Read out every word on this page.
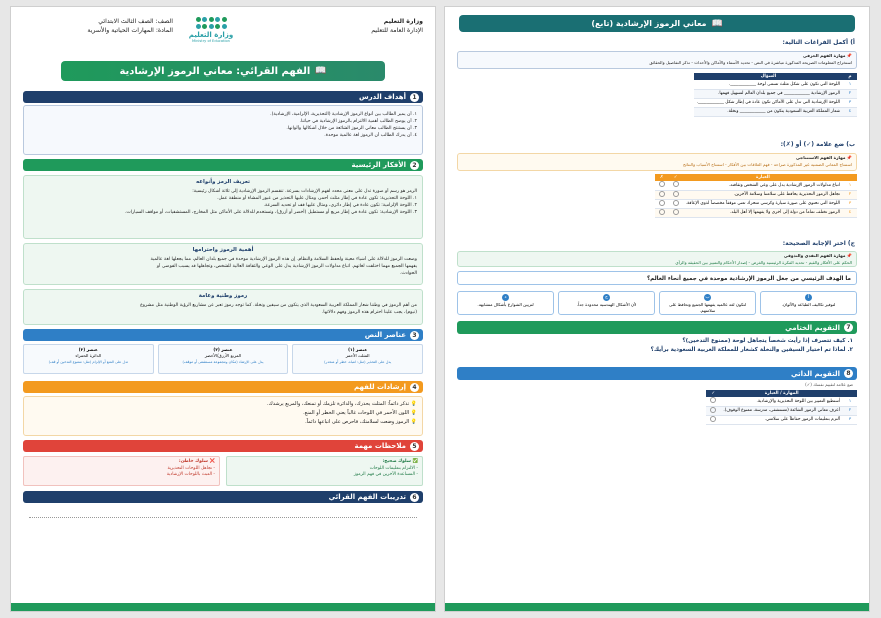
وزارة التعليم
الإدارة العامة للتعليم
وزارة التعليم
Ministry of Education
الصف: الصف الثالث الابتدائي
المادة: المهارات الحياتية والأسرية
📖
الفهم القرائي: معاني الرموز الإرشادية
1
أهداف الدرس
١. أن يميز الطالب بين أنواع الرموز الإرشادية (التحذيرية، الإلزامية، الإرشادية).
٢. أن يوضح الطالب أهمية الالتزام بالرموز الإرشادية في حياتنا.
٣. أن يستنتج الطالب معاني الرموز الشائعة من خلال أشكالها وألوانها.
٤. أن يدرك الطالب أن الرموز لغة عالمية موحدة.
2
الأفكار الرئيسية
تعريف الرمز وأنواعه
الرمز هو رسم أو صورة تدل على معنى محدد لفهم الإرشادات بسرعة. تنقسم الرموز الإرشادية إلى ثلاثة أشكال رئيسية:
١. اللوحة التحذيرية: تكون عادة في إطار مثلث أحمر، ومثال عليها التحذير من عبور المشاة أو منطقة عمل.
٢. اللوحة الإلزامية: تكون عادة في إطار دائري، ومثال عليها قف أو تحديد السرعة.
٣. اللوحة الإرشادية: تكون عادة في إطار مربع أو مستطيل (أخضر أو أزرق)، وتستخدم للدلالة على الأماكن مثل المخارج، المستشفيات، أو مواقف السيارات.
أهمية الرموز واحترامها
وضعت الرموز للدلالة على أشياء معينة ولحفظ السلامة والنظام. إن هذه الرموز الإرشادية موحدة في جميع بلدان العالم، مما يجعلها لغة عالمية
يفهمها الجميع مهما اختلفت لغاتهم. اتباع مدلولات الرموز الإرشادية يدل على الوعي والثقافة العالية للشخص، وتجاهلها قد يسبب الفوضى أو
الحوادث.
رموز وطنية وعامة
من أهم الرموز في وطننا شعار المملكة العربية السعودية الذي يتكون من سيفين ونخلة. كما توجد رموز تعبر عن مشاريع الرؤية الوطنية مثل مشروع
(نيوم)، يجب علينا احترام هذه الرموز وفهم دلالاتها.
3
عناصر النص
عنصر (١)
المثلث الأحمر
يدل على التحذير (مثل: انتباه، خطر أو منحدر)
عنصر (٢)
المربع الأزرق/الأخضر
يدل على الإرشاد (مكان ومجموعة مستشفى أو موقف)
عنصر (٣)
الدائرة الحمراء
تدل على المنع أو الإلزام (مثل: ممنوع التدخين أو قف)
4
إرشادات للفهم
💡 تذكر دائماً: المثلث يحذرك، والدائرة تلزمك أو تمنعك، والمربع يرشدك.
💡 اللون الأحمر في اللوحات غالباً يعني الخطر أو المنع.
💡 الرموز وضعت لسلامتك، فاحرص على اتباعها دائماً.
5
ملاحظات مهمة
✅ سلوك صحيح:
- الالتزام بتعليمات اللوحات
- المساعدة الآخرين في فهم الرموز
❌ سلوك خاطئ:
- تجاهل اللوحات التحذيرية
- العبث باللوحات الإرشادية
6
تدريبات الفهم القرائي
📖
معاني الرموز الإرشادية (تابع)
أ) أكمل الفراغات التالية:
📌 مهارة الفهم الحرفي
استخراج المعلومات الصريحة المذكورة مباشرة في النص - تحديد الأسماء والأماكن والأحداث - تذكر التفاصيل والحقائق
م	السؤال
١	اللوحة التي تكون على شكل مثلث تسمى لوحة ____________.
٢	الرموز الإرشادية ____________ في جميع بلدان العالم لتسهيل فهمها.
٣	اللوحة الإرشادية التي تدل على الأماكن تكون عادة في إطار شكل ____________.
٤	شعار المملكة العربية السعودية يتكون من ____________ ونخلة.
ب) ضع علامة (✓) أو (✗):
📌 مهارة الفهم الاستنتاجي
استنتاج المعاني الضمنية غير المذكورة صراحة - فهم العلاقات بين الأفكار - استنتاج الأسباب والنتائج
	العبارة	✓	✗
١	اتباع مدلولات الرموز الإرشادية يدل على وعي الشخص وثقافته.		
٢	تجاهل الرموز التحذيرية يحافظ على سلامتنا وسلامة الآخرين.		
٣	اللوحة التي تحتوي على صورة سيارة وكرسي متحرك تعني موقفاً مخصصاً لذوي الإعاقة.		
٤	الرموز تختلف تماماً من دولة إلى أخرى ولا يفهمها إلا أهل البلد.		
ج) اختر الإجابة الصحيحة:
📌 مهارة الفهم النقدي والتذوقي
الحكم على الأفكار والقيم - تحديد الفكرة الرئيسية والغرض - إصدار الأحكام والتمييز بين الحقيقة والرأي
ما الهدف الرئيسي من جعل الرموز الإرشادية موحدة في جميع أنحاء العالم؟
أ
لتوفير تكاليف الطباعة والألوان.
ب
لتكون لغة عالمية يفهمها الجميع وتحافظ على سلامتهم.
ج
لأن الأشكال الهندسية محدودة جداً.
د
لتزيين الشوارع بأشكال متشابهة.
7
التقويم الختامي
١. كيف تتصرف إذا رأيت شخصاً يتجاهل لوحة (ممنوع التدخين)؟
٢. لماذا تم اختيار السيفين والنخلة كشعار للمملكة العربية السعودية برأيك؟
8
التقويم الذاتي
ضع علامة لتقييم نفسك (✓)
	المهارة / العبارة	✓
١	أستطيع التمييز بين اللوحة التحذيرية والإرشادية.	
٢	أعرف معاني الرموز الشائعة (مستشفى، مدرسة، ممنوع الوقوف).	
٣	ألتزم بتعليمات الرموز حفاظاً على سلامتي.	
